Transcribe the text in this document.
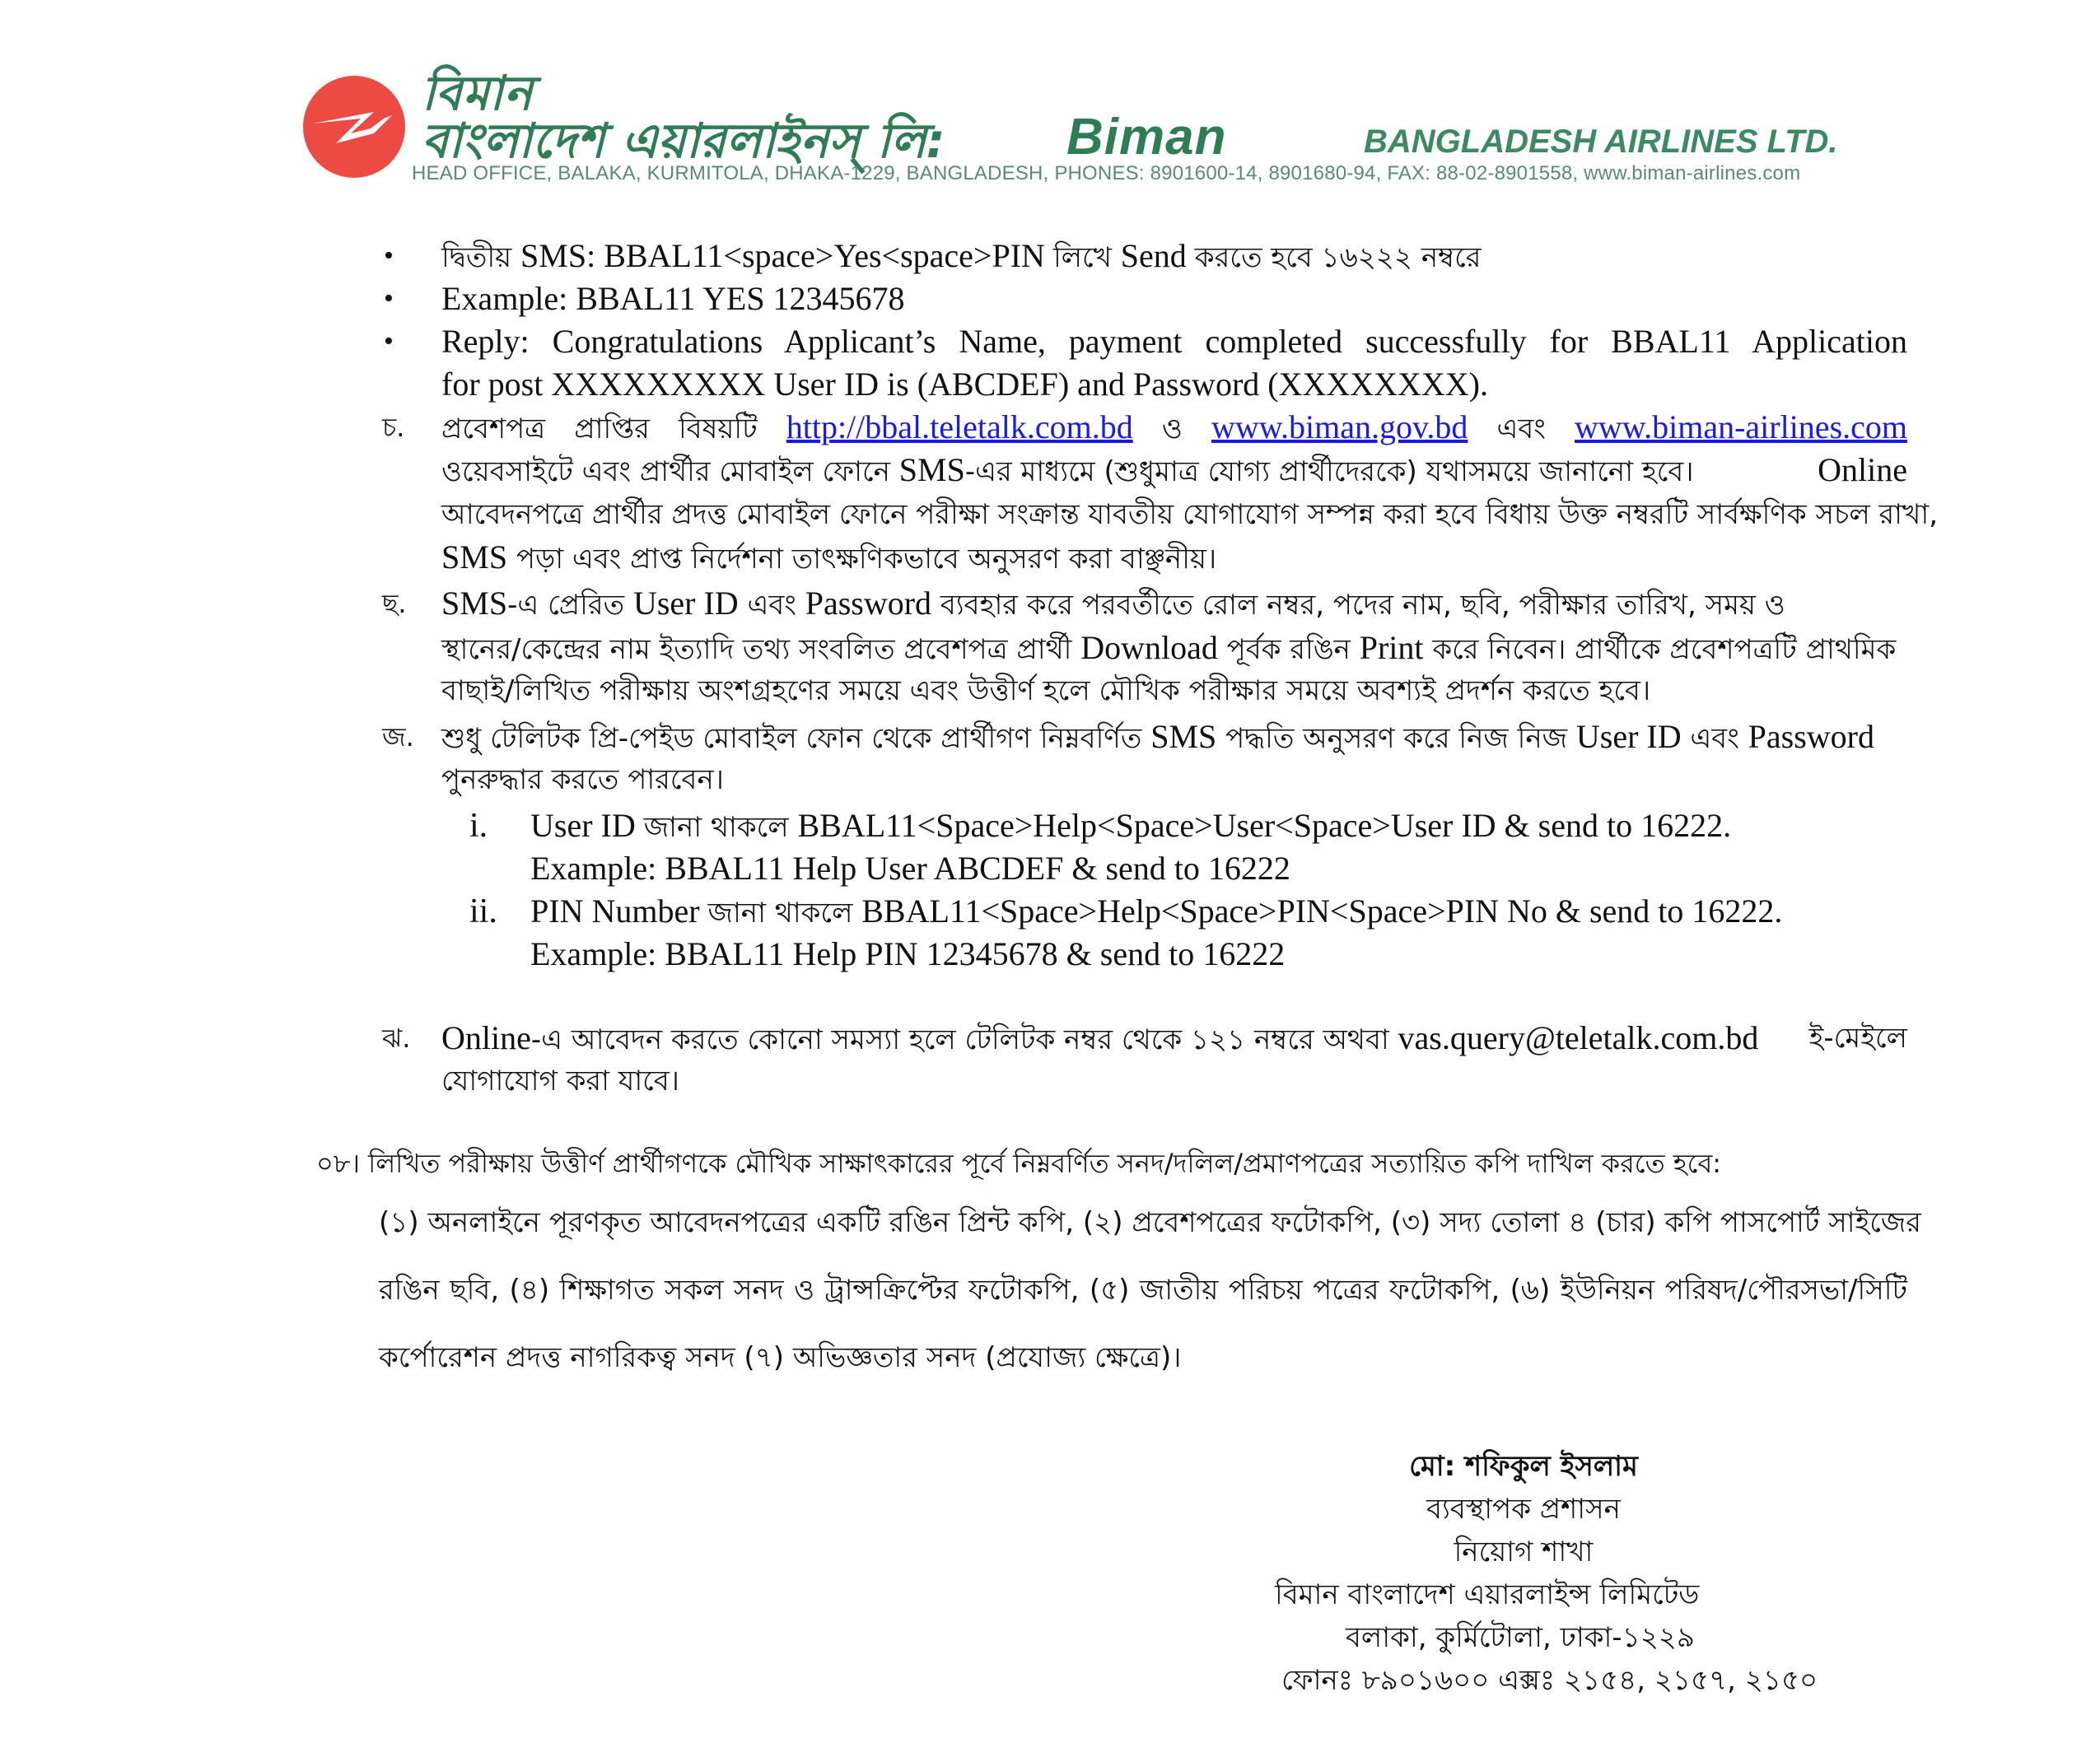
বিমান
বাংলাদেশ এয়ারলাইনস্ লি: Biman	BANGLADESH AIRLINES LTD.
HEAD OFFICE, BALAKA, KURMITOLA, DHAKA-1229, BANGLADESH, PHONES: 8901600-14, 8901680-94, FAX: 88-02-8901558, www.biman-airlines.com
• দ্বিতীয় SMS: BBAL11<space>Yes<space>PIN লিখে Send করতে হবে ১৬২২২ নম্বরে
• Example: BBAL11 YES 12345678
• Reply: Congratulations Applicant’s Name, payment completed successfully for BBAL11 Application
for post XXXXXXXXX User ID is (ABCDEF) and Password (XXXXXXXX).
চ. প্রবেশপত্র প্রাপ্তির বিষয়টি http://bbal.teletalk.com.bd ও www.biman.gov.bd এবং www.biman-airlines.com
ওয়েবসাইটে এবং প্রার্থীর মোবাইল ফোনে SMS-এর মাধ্যমে (শুধুমাত্র যোগ্য প্রার্থীদেরকে) যথাসময়ে জানানো হবে।	Online
আবেদনপত্রে প্রার্থীর প্রদত্ত মোবাইল ফোনে পরীক্ষা সংক্রান্ত যাবতীয় যোগাযোগ সম্পন্ন করা হবে বিধায় উক্ত নম্বরটি সার্বক্ষণিক সচল রাখা,
SMS পড়া এবং প্রাপ্ত নির্দেশনা তাৎক্ষণিকভাবে অনুসরণ করা বাঞ্ছনীয়।
ছ. SMS-এ প্রেরিত User ID এবং Password ব্যবহার করে পরবর্তীতে রোল নম্বর, পদের নাম, ছবি, পরীক্ষার তারিখ, সময় ও
স্থানের/কেন্দ্রের নাম ইত্যাদি তথ্য সংবলিত প্রবেশপত্র প্রার্থী Download পূর্বক রঙিন Print করে নিবেন। প্রার্থীকে প্রবেশপত্রটি প্রাথমিক
বাছাই/লিখিত পরীক্ষায় অংশগ্রহণের সময়ে এবং উত্তীর্ণ হলে মৌখিক পরীক্ষার সময়ে অবশ্যই প্রদর্শন করতে হবে।
জ. শুধু টেলিটক প্রি-পেইড মোবাইল ফোন থেকে প্রার্থীগণ নিম্নবর্ণিত SMS পদ্ধতি অনুসরণ করে নিজ নিজ User ID এবং Password
পুনরুদ্ধার করতে পারবেন।
i. User ID জানা থাকলে BBAL11<Space>Help<Space>User<Space>User ID & send to 16222.
Example: BBAL11 Help User ABCDEF & send to 16222
ii. PIN Number জানা থাকলে BBAL11<Space>Help<Space>PIN<Space>PIN No & send to 16222.
Example: BBAL11 Help PIN 12345678 & send to 16222
ঝ. Online-এ আবেদন করতে কোনো সমস্যা হলে টেলিটক নম্বর থেকে ১২১ নম্বরে অথবা vas.query@teletalk.com.bd ই-মেইলে
যোগাযোগ করা যাবে।
০৮। লিখিত পরীক্ষায় উত্তীর্ণ প্রার্থীগণকে মৌখিক সাক্ষাৎকারের পূর্বে নিম্নবর্ণিত সনদ/দলিল/প্রমাণপত্রের সত্যায়িত কপি দাখিল করতে হবে:
(১) অনলাইনে পূরণকৃত আবেদনপত্রের একটি রঙিন প্রিন্ট কপি, (২) প্রবেশপত্রের ফটোকপি, (৩) সদ্য তোলা ৪ (চার) কপি পাসপোর্ট সাইজের
রঙিন ছবি, (৪) শিক্ষাগত সকল সনদ ও ট্রান্সক্রিপ্টের ফটোকপি, (৫) জাতীয় পরিচয় পত্রের ফটোকপি, (৬) ইউনিয়ন পরিষদ/পৌরসভা/সিটি
কর্পোরেশন প্রদত্ত নাগরিকত্ব সনদ (৭) অভিজ্ঞতার সনদ (প্রযোজ্য ক্ষেত্রে)।
মো: শফিকুল ইসলাম
ব্যবস্থাপক প্রশাসন
নিয়োগ শাখা
বিমান বাংলাদেশ এয়ারলাইন্স লিমিটেড
বলাকা, কুর্মিটোলা, ঢাকা-১২২৯
ফোনঃ ৮৯০১৬০০ এক্সঃ ২১৫৪, ২১৫৭, ২১৫০
